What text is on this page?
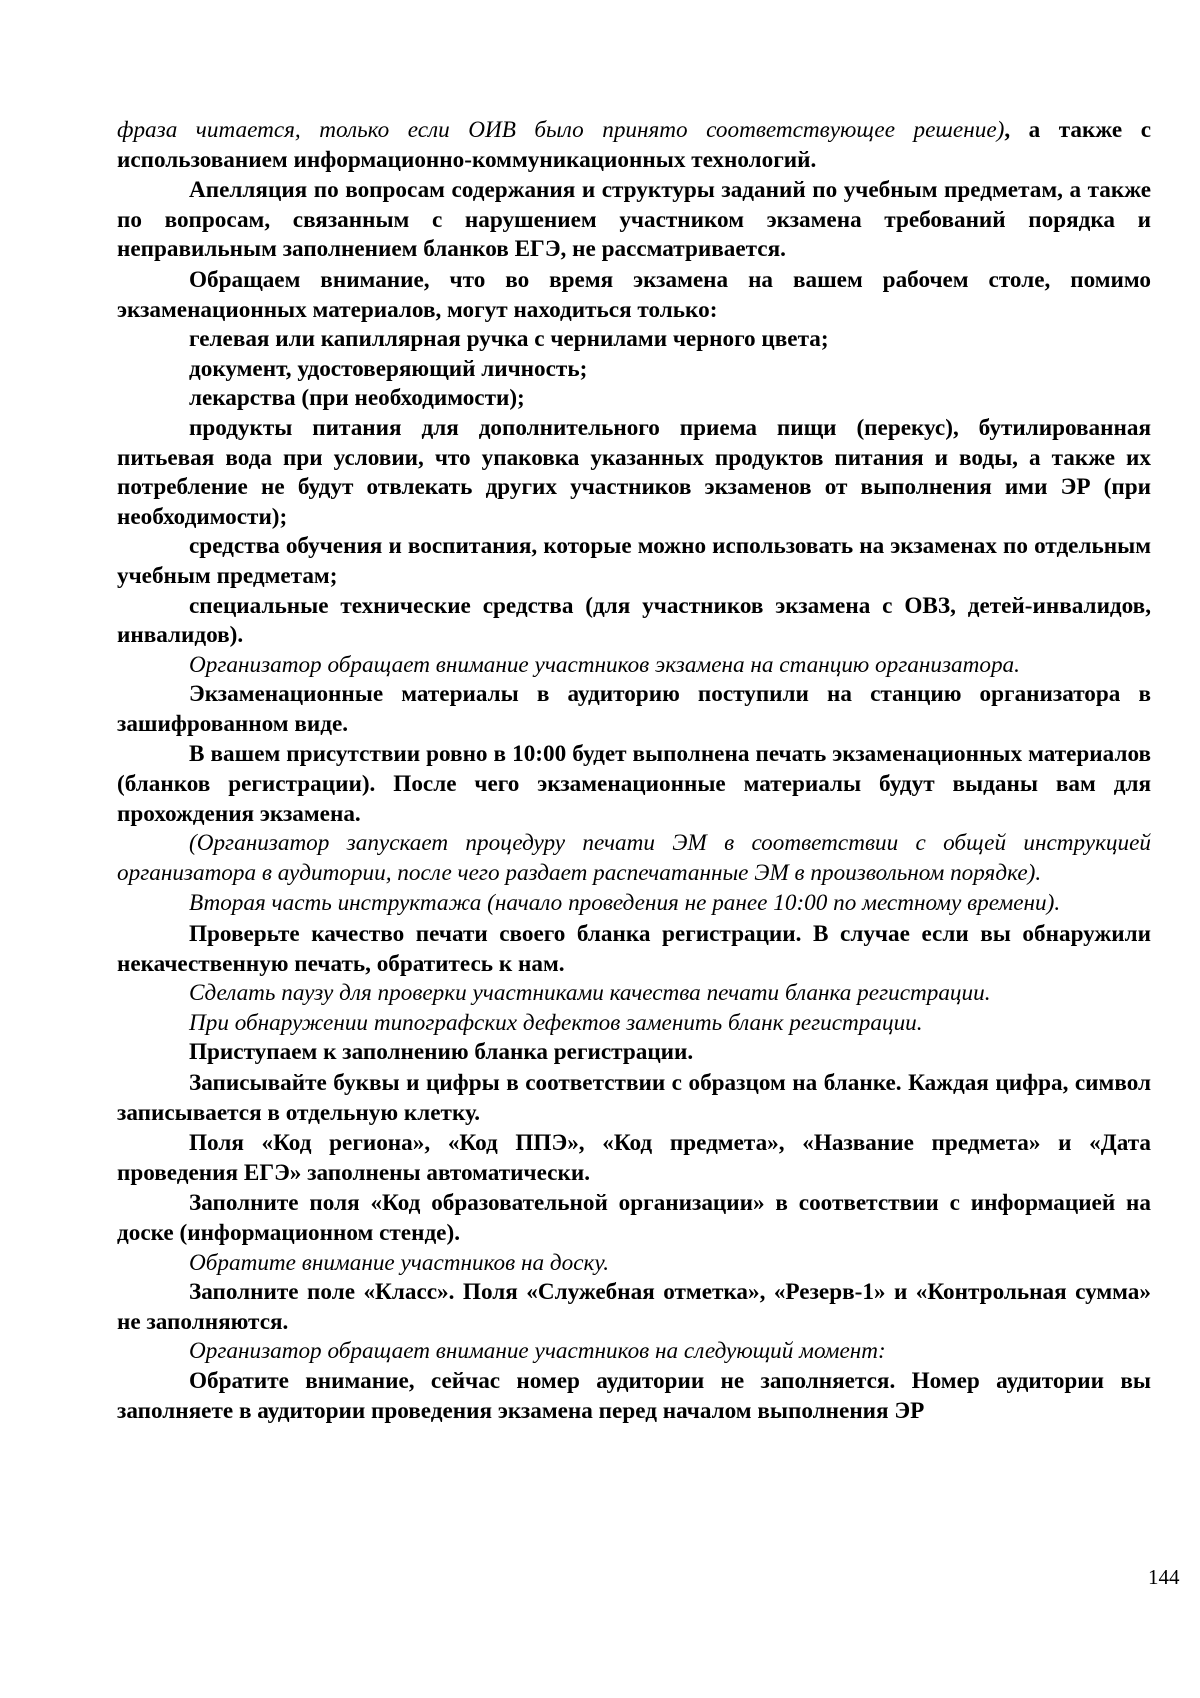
фраза читается, только если ОИВ было принято соответствующее решение), а также с использованием информационно-коммуникационных технологий.

Апелляция по вопросам содержания и структуры заданий по учебным предметам, а также по вопросам, связанным с нарушением участником экзамена требований порядка и неправильным заполнением бланков ЕГЭ, не рассматривается.

Обращаем внимание, что во время экзамена на вашем рабочем столе, помимо экзаменационных материалов, могут находиться только:

гелевая или капиллярная ручка с чернилами черного цвета;

документ, удостоверяющий личность;

лекарства (при необходимости);

продукты питания для дополнительного приема пищи (перекус), бутилированная питьевая вода при условии, что упаковка указанных продуктов питания и воды, а также их потребление не будут отвлекать других участников экзаменов от выполнения ими ЭР (при необходимости);

средства обучения и воспитания, которые можно использовать на экзаменах по отдельным учебным предметам;

специальные технические средства (для участников экзамена с ОВЗ, детей-инвалидов, инвалидов).

Организатор обращает внимание участников экзамена на станцию организатора.

Экзаменационные материалы в аудиторию поступили на станцию организатора в зашифрованном виде.

В вашем присутствии ровно в 10:00 будет выполнена печать экзаменационных материалов (бланков регистрации). После чего экзаменационные материалы будут выданы вам для прохождения экзамена.

(Организатор запускает процедуру печати ЭМ в соответствии с общей инструкцией организатора в аудитории, после чего раздает распечатанные ЭМ в произвольном порядке).

Вторая часть инструктажа (начало проведения не ранее 10:00 по местному времени).

Проверьте качество печати своего бланка регистрации. В случае если вы обнаружили некачественную печать, обратитесь к нам.

Сделать паузу для проверки участниками качества печати бланка регистрации.

При обнаружении типографских дефектов заменить бланк регистрации.

Приступаем к заполнению бланка регистрации.

Записывайте буквы и цифры в соответствии с образцом на бланке. Каждая цифра, символ записывается в отдельную клетку.

Поля «Код региона», «Код ППЭ», «Код предмета», «Название предмета» и «Дата проведения ЕГЭ» заполнены автоматически.

Заполните поля «Код образовательной организации» в соответствии с информацией на доске (информационном стенде).

Обратите внимание участников на доску.

Заполните поле «Класс». Поля «Служебная отметка», «Резерв-1» и «Контрольная сумма» не заполняются.

Организатор обращает внимание участников на следующий момент:

Обратите внимание, сейчас номер аудитории не заполняется. Номер аудитории вы заполняете в аудитории проведения экзамена перед началом выполнения ЭР

144
